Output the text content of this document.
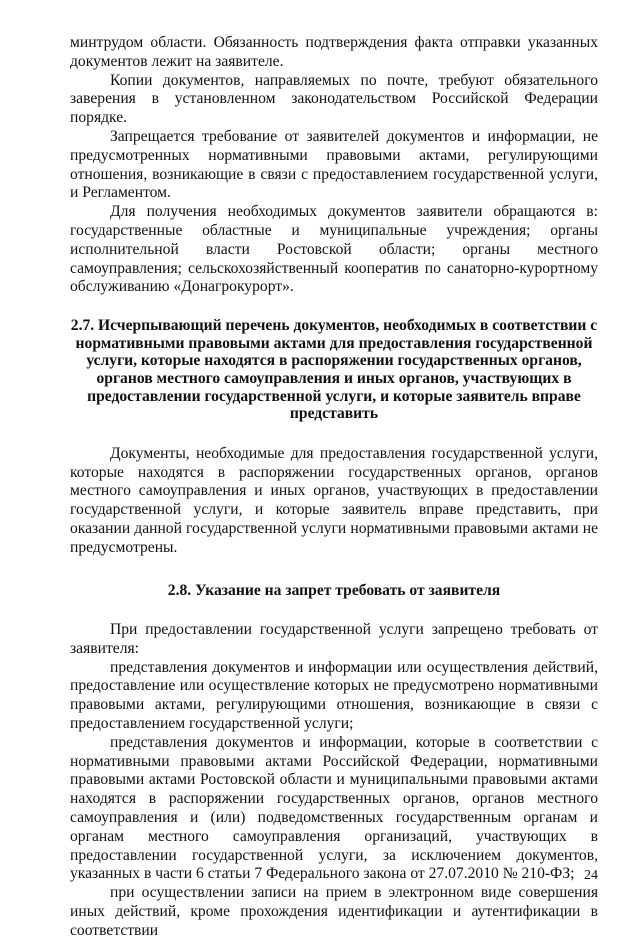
минтрудом области. Обязанность подтверждения факта отправки указанных документов лежит на заявителе.

Копии документов, направляемых по почте, требуют обязательного заверения в установленном законодательством Российской Федерации порядке.

Запрещается требование от заявителей документов и информации, не предусмотренных нормативными правовыми актами, регулирующими отношения, возникающие в связи с предоставлением государственной услуги, и Регламентом.

Для получения необходимых документов заявители обращаются в: государственные областные и муниципальные учреждения; органы исполнительной власти Ростовской области; органы местного самоуправления; сельскохозяйственный кооператив по санаторно-курортному обслуживанию «Донагрокурорт».

2.7. Исчерпывающий перечень документов, необходимых в соответствии с нормативными правовыми актами для предоставления государственной услуги, которые находятся в распоряжении государственных органов, органов местного самоуправления и иных органов, участвующих в предоставлении государственной услуги, и которые заявитель вправе представить

Документы, необходимые для предоставления государственной услуги, которые находятся в распоряжении государственных органов, органов местного самоуправления и иных органов, участвующих в предоставлении государственной услуги, и которые заявитель вправе представить, при оказании данной государственной услуги нормативными правовыми актами не предусмотрены.

2.8. Указание на запрет требовать от заявителя

При предоставлении государственной услуги запрещено требовать от заявителя:

представления документов и информации или осуществления действий, предоставление или осуществление которых не предусмотрено нормативными правовыми актами, регулирующими отношения, возникающие в связи с предоставлением государственной услуги;

представления документов и информации, которые в соответствии с нормативными правовыми актами Российской Федерации, нормативными правовыми актами Ростовской области и муниципальными правовыми актами находятся в распоряжении государственных органов, органов местного самоуправления и (или) подведомственных государственным органам и органам местного самоуправления организаций, участвующих в предоставлении государственной услуги, за исключением документов, указанных в части 6 статьи 7 Федерального закона от 27.07.2010 № 210-ФЗ;

при осуществлении записи на прием в электронном виде совершения иных действий, кроме прохождения идентификации и аутентификации в соответствии

24
